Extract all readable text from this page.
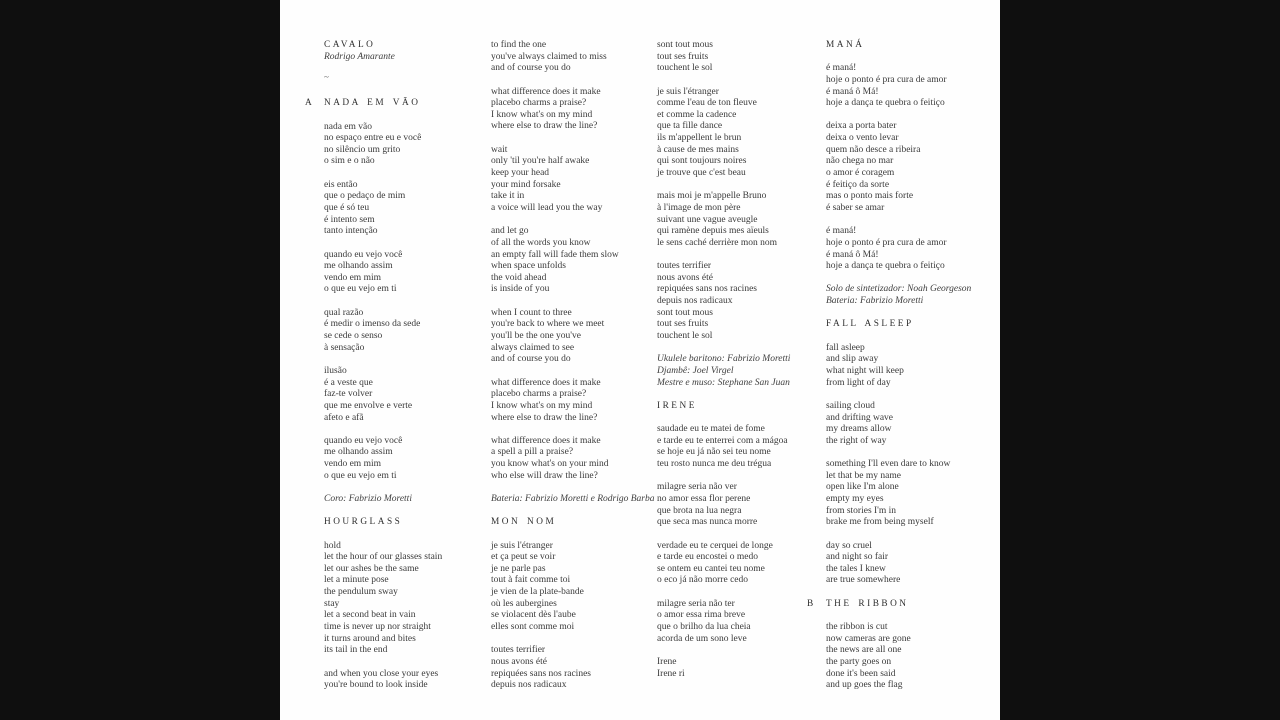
CAVALO
Rodrigo Amarante
~
NADA EM VÃO
A
nada em vão
no espaço entre eu e você
no silêncio um grito
o sim e o não
eis então
que o pedaço de mim
que é só teu
é intento sem
tanto intenção
quando eu vejo você
me olhando assim
vendo em mim
o que eu vejo em ti
qual razão
é medir o imenso da sede
se cede o senso
à sensação
ilusão
é a veste que
faz-te volver
que me envolve e verte
afeto e afã
quando eu vejo você
me olhando assim
vendo em mim
o que eu vejo em ti
Coro: Fabrizio Moretti
HOURGLASS
hold
let the hour of our glasses stain
let our ashes be the same
let a minute pose
the pendulum sway
stay
let a second beat in vain
time is never up nor straight
it turns around and bites
its tail in the end
and when you close your eyes
you're bound to look inside
to find the one
you've always claimed to miss
and of course you do
what difference does it make
placebo charms a praise?
I know what's on my mind
where else to draw the line?
wait
only 'til you're half awake
keep your head
your mind forsake
take it in
a voice will lead you the way
and let go
of all the words you know
an empty fall will fade them slow
when space unfolds
the void ahead
is inside of you
when I count to three
you're back to where we meet
you'll be the one you've
always claimed to see
and of course you do
what difference does it make
placebo charms a praise?
I know what's on my mind
where else to draw the line?
what difference does it make
a spell a pill a praise?
you know what's on your mind
who else will draw the line?
Bateria: Fabrizio Moretti e Rodrigo Barba
MON NOM
je suis l'étranger
et ça peut se voir
je ne parle pas
tout à fait comme toi
je vien de la plate-bande
où les aubergines
se violacent dès l'aube
elles sont comme moi
toutes terrifier
nous avons été
repiquées sans nos racines
depuis nos radicaux
sont tout mous
tout ses fruits
touchent le sol
je suis l'étranger
comme l'eau de ton fleuve
et comme la cadence
que ta fille dance
ils m'appellent le brun
à cause de mes mains
qui sont toujours noires
je trouve que c'est beau
mais moi je m'appelle Bruno
à l'image de mon père
suivant une vague aveugle
qui ramène depuis mes aïeuls
le sens caché derrière mon nom
toutes terrifier
nous avons été
repiquées sans nos racines
depuis nos radicaux
sont tout mous
tout ses fruits
touchent le sol
Ukulele baritono: Fabrizio Moretti
Djambê: Joel Virgel
Mestre e muso: Stephane San Juan
IRENE
saudade eu te matei de fome
e tarde eu te enterrei com a mágoa
se hoje eu já não sei teu nome
teu rosto nunca me deu trégua
milagre seria não ver
no amor essa flor perene
que brota na lua negra
que seca mas nunca morre
verdade eu te cerquei de longe
e tarde eu encostei o medo
se ontem eu cantei teu nome
o eco já não morre cedo
milagre seria não ter
o amor essa rima breve
que o brilho da lua cheia
acorda de um sono leve
Irene
Irene ri
MANÁ
é maná!
hoje o ponto é pra cura de amor
é maná ô Má!
hoje a dança te quebra o feitiço
deixa a porta bater
deixa o vento levar
quem não desce a ribeira
não chega no mar
o amor é coragem
é feitiço da sorte
mas o ponto mais forte
é saber se amar
é maná!
hoje o ponto é pra cura de amor
é maná ô Má!
hoje a dança te quebra o feitiço
Solo de sintetizador: Noah Georgeson
Bateria: Fabrizio Moretti
FALL ASLEEP
fall asleep
and slip away
what night will keep
from light of day
sailing cloud
and drifting wave
my dreams allow
the right of way
something I'll even dare to know
let that be my name
open like I'm alone
empty my eyes
from stories I'm in
brake me from being myself
day so cruel
and night so fair
the tales I knew
are true somewhere
THE RIBBON
B
the ribbon is cut
now cameras are gone
the news are all one
the party goes on
done it's been said
and up goes the flag
